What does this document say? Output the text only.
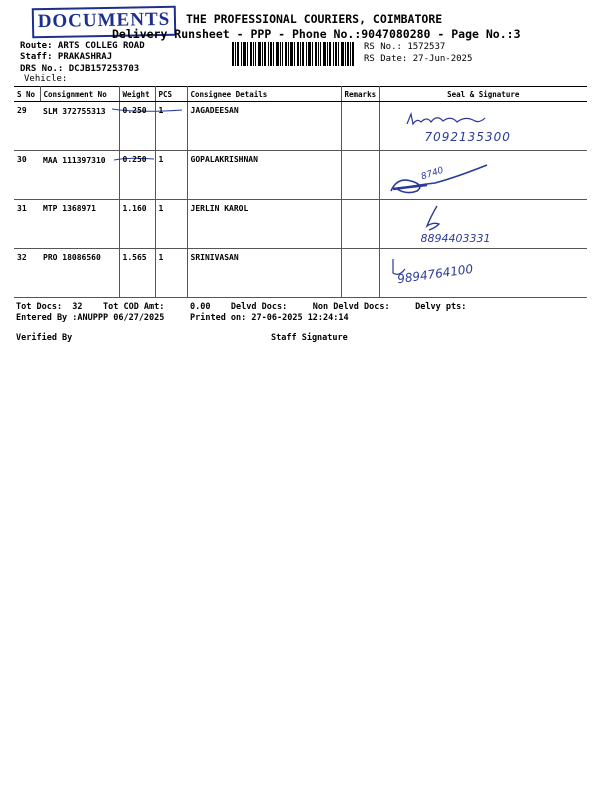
DOCUMENTS	THE PROFESSIONAL COURIERS, COIMBATORE
Delivery Runsheet - PPP - Phone No.:9047080280 - Page No.:3
Route: ARTS COLLEG ROAD
Staff: PRAKASHRAJ
DRS No.: DCJB157253703
Vehicle:
RS No.: 1572537
RS Date: 27-Jun-2025
S No	Consignment No	Weight	PCS	Consignee Details	Remarks	Seal & Signature
29	SLM 372755313	0.250	1	JAGADEESAN		7092135300

30	MAA 111397310	0.250	1	GOPALAKRISHNAN		8740

31	MTP 1368971	1.160	1	JERLIN KAROL		8894403331

32	PRO 18086560	1.565	1	SRINIVASAN		9894764100
Tot Docs:  32    Tot COD Amt:     0.00    Delvd Docs:     Non Delvd Docs:     Delvy pts:
Entered By :ANUPPP 06/27/2025     Printed on: 27-06-2025 12:24:14
Verified By	Staff Signature
